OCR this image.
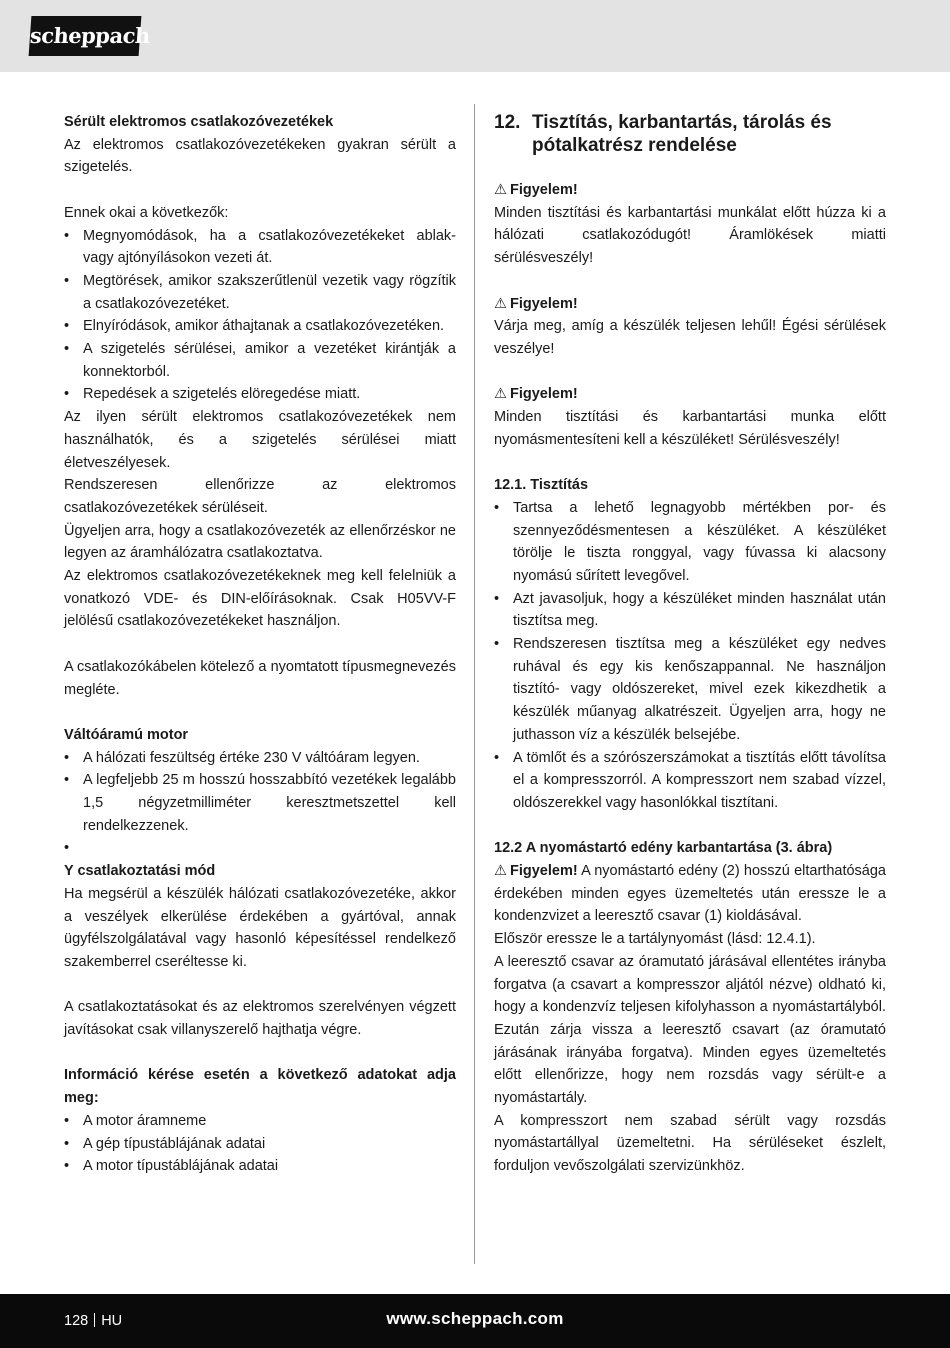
scheppach

Sérült elektromos csatlakozóvezetékek

Az elektromos csatlakozóvezetékeken gyakran sérült a szigetelés.

Ennek okai a következők:

• Megnyomódások, ha a csatlakozóvezetékeket ablak- vagy ajtónyílásokon vezeti át.
• Megtörések, amikor szakszerűtlenül vezetik vagy rögzítik a csatlakozóvezetéket.
• Elnyíródások, amikor áthajtanak a csatlakozóvezetéken.
• A szigetelés sérülései, amikor a vezetéket kirántják a konnektorból.
• Repedések a szigetelés elöregedése miatt.

Az ilyen sérült elektromos csatlakozóvezetékek nem használhatók, és a szigetelés sérülései miatt életveszélyesek.

Rendszeresen ellenőrizze az elektromos csatlakozóvezetékek sérüléseit.

Ügyeljen arra, hogy a csatlakozóvezeték az ellenőrzéskor ne legyen az áramhálózatra csatlakoztatva.

Az elektromos csatlakozóvezetékeknek meg kell felelniük a vonatkozó VDE- és DIN-előírásoknak. Csak H05VV-F jelölésű csatlakozóvezetékeket használjon.

A csatlakozókábelen kötelező a nyomtatott típusmegnevezés megléte.

Váltóáramú motor

• A hálózati feszültség értéke 230 V váltóáram legyen.
• A legfeljebb 25 m hosszú hosszabbító vezetékek legalább 1,5 négyzetmilliméter keresztmetszettel kell rendelkezzenek.
•

Y csatlakoztatási mód

Ha megsérül a készülék hálózati csatlakozóvezetéke, akkor a veszélyek elkerülése érdekében a gyártóval, annak ügyfélszolgálatával vagy hasonló képesítéssel rendelkező szakemberrel cseréltesse ki.

A csatlakoztatásokat és az elektromos szerelvényen végzett javításokat csak villanyszerelő hajthatja végre.

Információ kérése esetén a következő adatokat adja meg:

• A motor áramneme
• A gép típustáblájának adatai
• A motor típustáblájának adatai
12. Tisztítás, karbantartás, tárolás és pótalkatrész rendelése

⚠ Figyelem!

Minden tisztítási és karbantartási munkálat előtt húzza ki a hálózati csatlakozódugót! Áramlökések miatti sérülésveszély!

⚠ Figyelem!

Várja meg, amíg a készülék teljesen lehűl! Égési sérülések veszélye!

⚠ Figyelem!

Minden tisztítási és karbantartási munka előtt nyomásmentesíteni kell a készüléket! Sérülésveszély!

12.1. Tisztítás

• Tartsa a lehető legnagyobb mértékben por- és szennyeződésmentesen a készüléket. A készüléket törölje le tiszta ronggyal, vagy fúvassa ki alacsony nyomású sűrített levegővel.
• Azt javasoljuk, hogy a készüléket minden használat után tisztítsa meg.
• Rendszeresen tisztítsa meg a készüléket egy nedves ruhával és egy kis kenőszappannal. Ne használjon tisztító- vagy oldószereket, mivel ezek kikezdhetik a készülék műanyag alkatrészeit. Ügyeljen arra, hogy ne juthasson víz a készülék belsejébe.
• A tömlőt és a szórószerszámokat a tisztítás előtt távolítsa el a kompresszorról. A kompresszort nem szabad vízzel, oldószerekkel vagy hasonlókkal tisztítani.

12.2 A nyomástartó edény karbantartása (3. ábra)

⚠ Figyelem! A nyomástartó edény (2) hosszú eltarthatósága érdekében minden egyes üzemeltetés után eressze le a kondenzvizet a leeresztő csavar (1) kioldásával.

Először eressze le a tartálynyomást (lásd: 12.4.1).

A leeresztő csavar az óramutató járásával ellentétes irányba forgatva (a csavart a kompresszor aljától nézve) oldható ki, hogy a kondenzvíz teljesen kifolyhasson a nyomástartályból. Ezután zárja vissza a leeresztő csavart (az óramutató járásának irányába forgatva). Minden egyes üzemeltetés előtt ellenőrizze, hogy nem rozsdás vagy sérült-e a nyomástartály.

A kompresszort nem szabad sérült vagy rozsdás nyomástartállyal üzemeltetni. Ha sérüléseket észlelt, forduljon vevőszolgálati szervizünkhöz.

128 HU	www.scheppach.com
